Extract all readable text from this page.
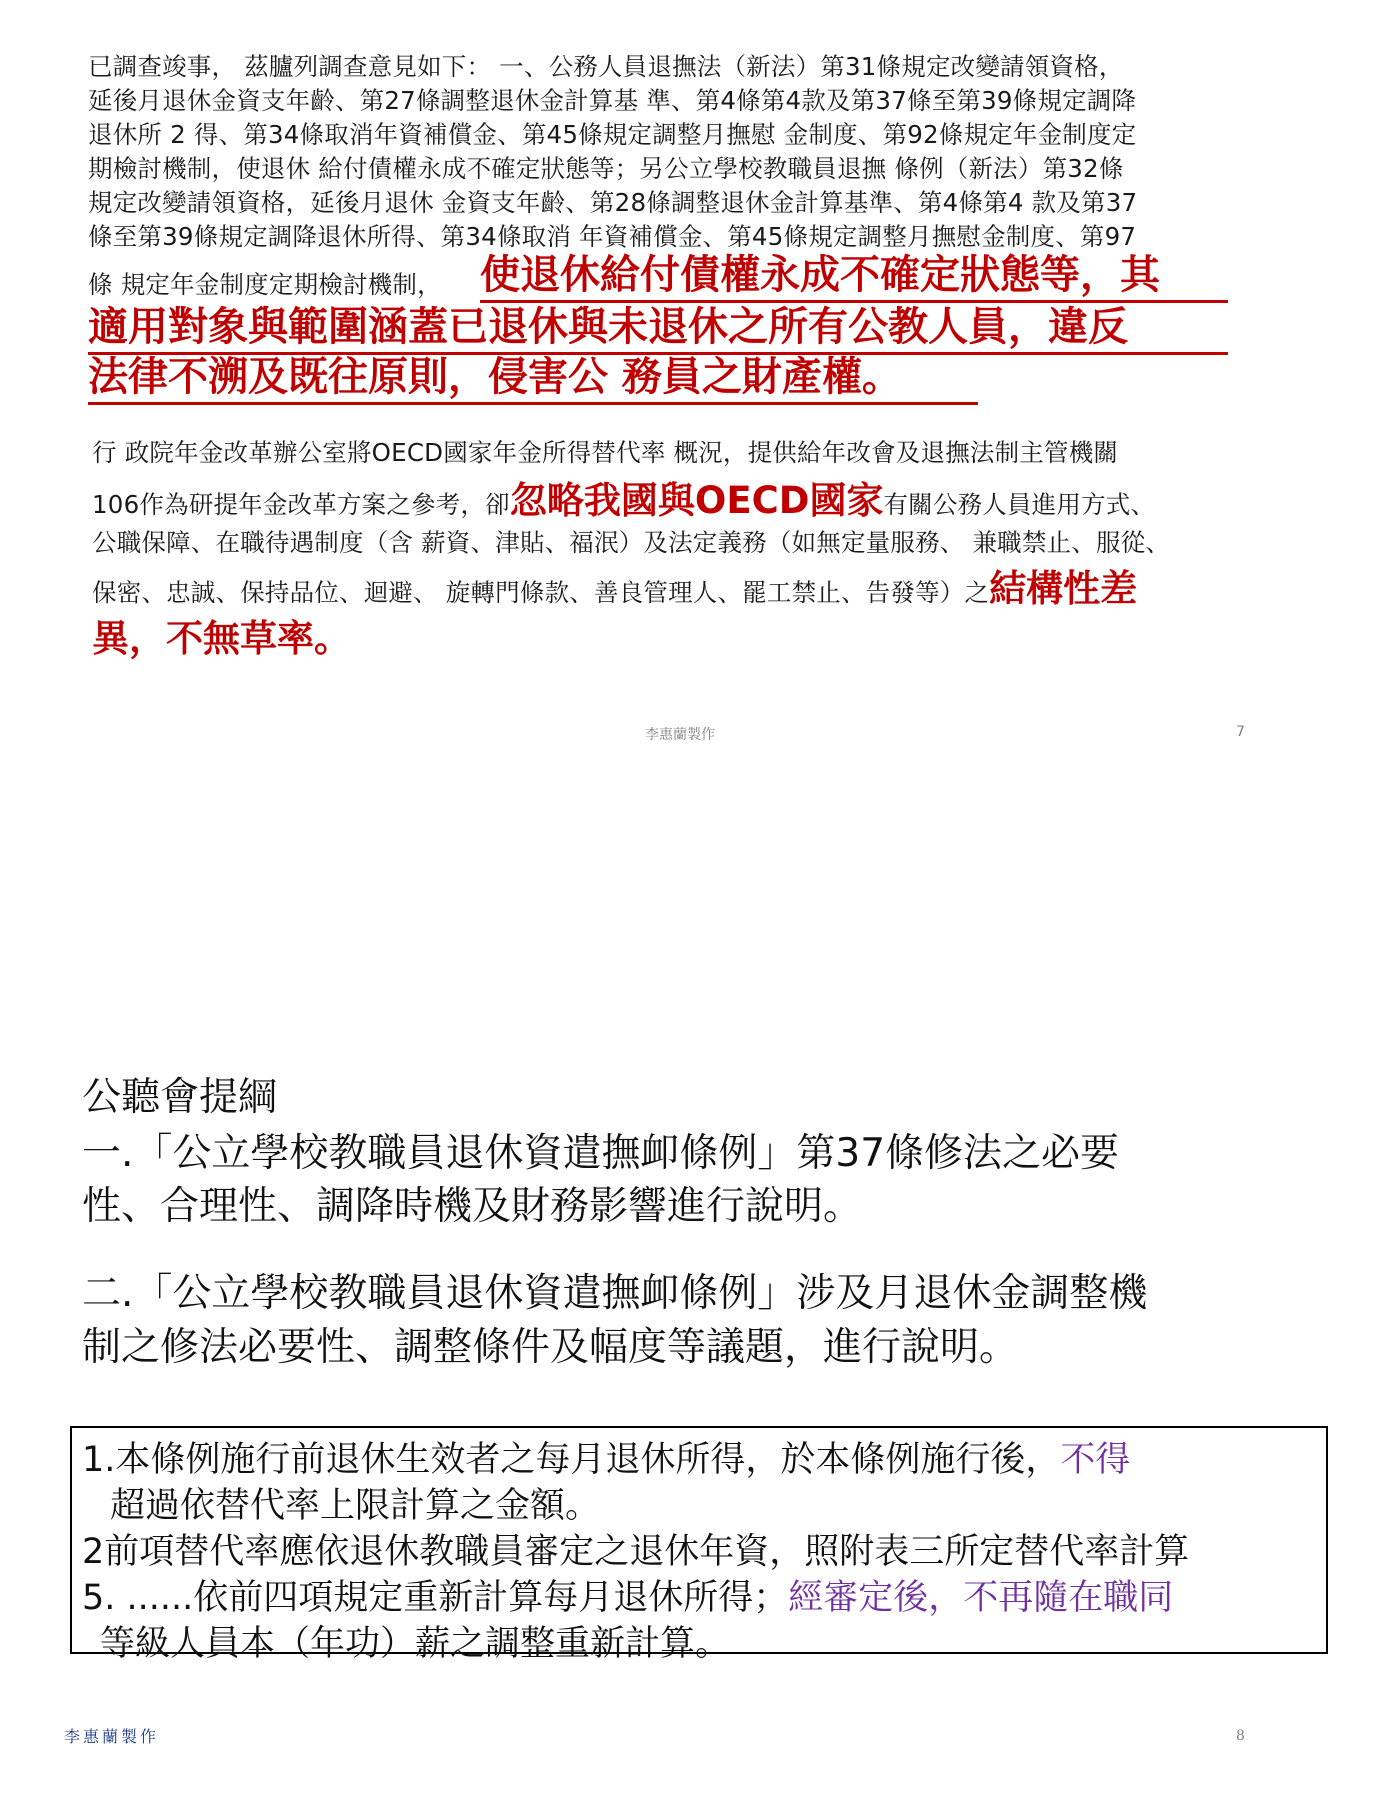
已調查竣事， 茲臚列調查意見如下： 一、公務人員退撫法（新法）第31條規定改變請領資格，
延後月退休金資支年齡、第27條調整退休金計算基 準、第4條第4款及第37條至第39條規定調降
退休所 2 得、第34條取消年資補償金、第45條規定調整月撫慰 金制度、第92條規定年金制度定
期檢討機制，使退休 給付債權永成不確定狀態等；另公立學校教職員退撫 條例（新法）第32條
規定改變請領資格，延後月退休 金資支年齡、第28條調整退休金計算基準、第4條第4 款及第37
條至第39條規定調降退休所得、第34條取消 年資補償金、第45條規定調整月撫慰金制度、第97
條 規定年金制度定期檢討機制， 使退休給付債權永成不確定狀態等，其
適用對象與範圍涵蓋已退休與未退休之所有公教人員，違反
法律不溯及既往原則，侵害公 務員之財產權。
行 政院年金改革辦公室將OECD國家年金所得替代率 概況，提供給年改會及退撫法制主管機關
106作為研提年金改革方案之參考，卻忽略我國與OECD國家有關公務人員進用方式、
公職保障、在職待遇制度（含 薪資、津貼、福泯）及法定義務（如無定量服務、 兼職禁止、服從、
保密、忠誠、保持品位、迴避、 旋轉門條款、善良管理人、罷工禁止、告發等）之結構性差
異，不無草率。
李惠蘭製作	7
公聽會提綱
一.「公立學校教職員退休資遣撫卹條例」第37條修法之必要
性、合理性、調降時機及財務影響進行說明。
二.「公立學校教職員退休資遣撫卹條例」涉及月退休金調整機
制之修法必要性、調整條件及幅度等議題，進行說明。
1.本條例施行前退休生效者之每月退休所得，於本條例施行後，不得
超過依替代率上限計算之金額。
2前項替代率應依退休教職員審定之退休年資，照附表三所定替代率計算
5. ......依前四項規定重新計算每月退休所得；經審定後，不再隨在職同
等級人員本（年功）薪之調整重新計算。
李惠蘭製作	8
